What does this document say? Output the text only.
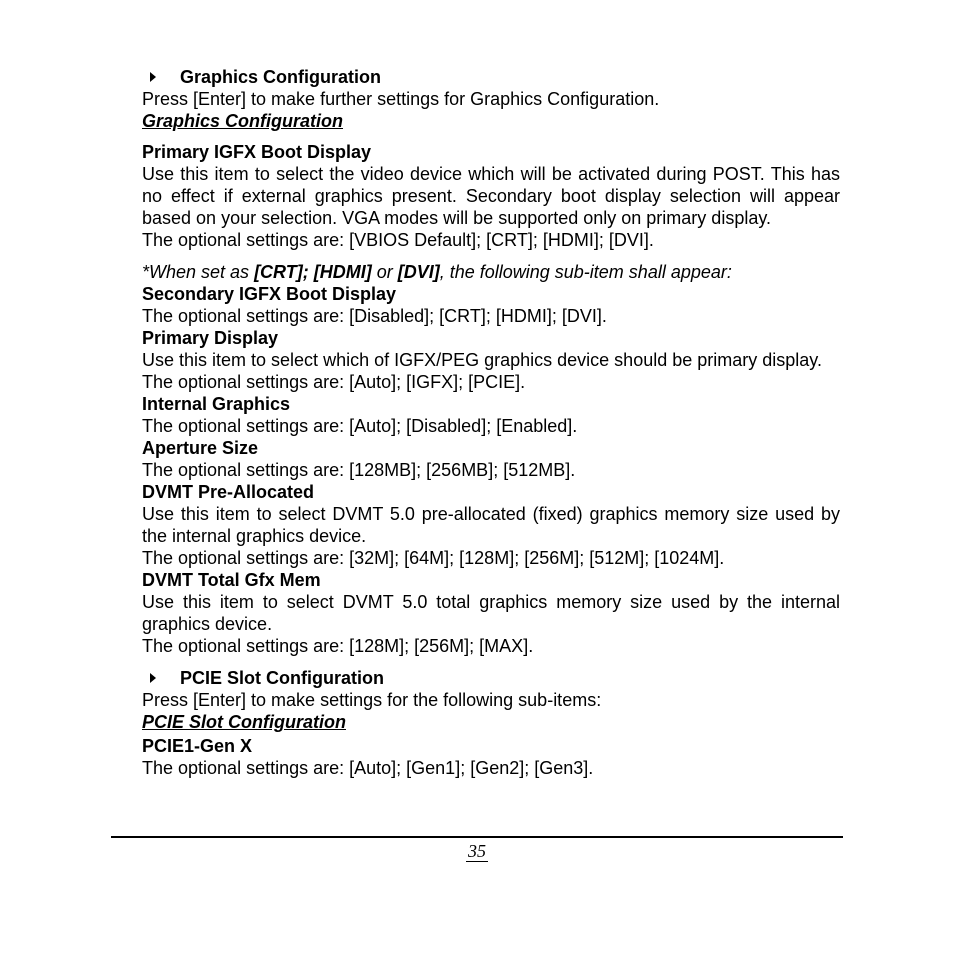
Graphics Configuration
Press [Enter] to make further settings for Graphics Configuration.
Graphics Configuration
Primary IGFX Boot Display
Use this item to select the video device which will be activated during POST. This has no effect if external graphics present. Secondary boot display selection will appear based on your selection. VGA modes will be supported only on primary display.
The optional settings are: [VBIOS Default]; [CRT]; [HDMI]; [DVI].
*When set as [CRT]; [HDMI] or [DVI], the following sub-item shall appear:
Secondary IGFX Boot Display
The optional settings are: [Disabled]; [CRT]; [HDMI]; [DVI].
Primary Display
Use this item to select which of IGFX/PEG graphics device should be primary display.
The optional settings are: [Auto]; [IGFX]; [PCIE].
Internal Graphics
The optional settings are: [Auto]; [Disabled]; [Enabled].
Aperture Size
The optional settings are: [128MB]; [256MB]; [512MB].
DVMT Pre-Allocated
Use this item to select DVMT 5.0 pre-allocated (fixed) graphics memory size used by the internal graphics device.
The optional settings are: [32M]; [64M]; [128M]; [256M]; [512M]; [1024M].
DVMT Total Gfx Mem
Use this item to select DVMT 5.0 total graphics memory size used by the internal graphics device.
The optional settings are: [128M]; [256M]; [MAX].
PCIE Slot Configuration
Press [Enter] to make settings for the following sub-items:
PCIE Slot Configuration
PCIE1-Gen X
The optional settings are: [Auto]; [Gen1]; [Gen2]; [Gen3].
35
